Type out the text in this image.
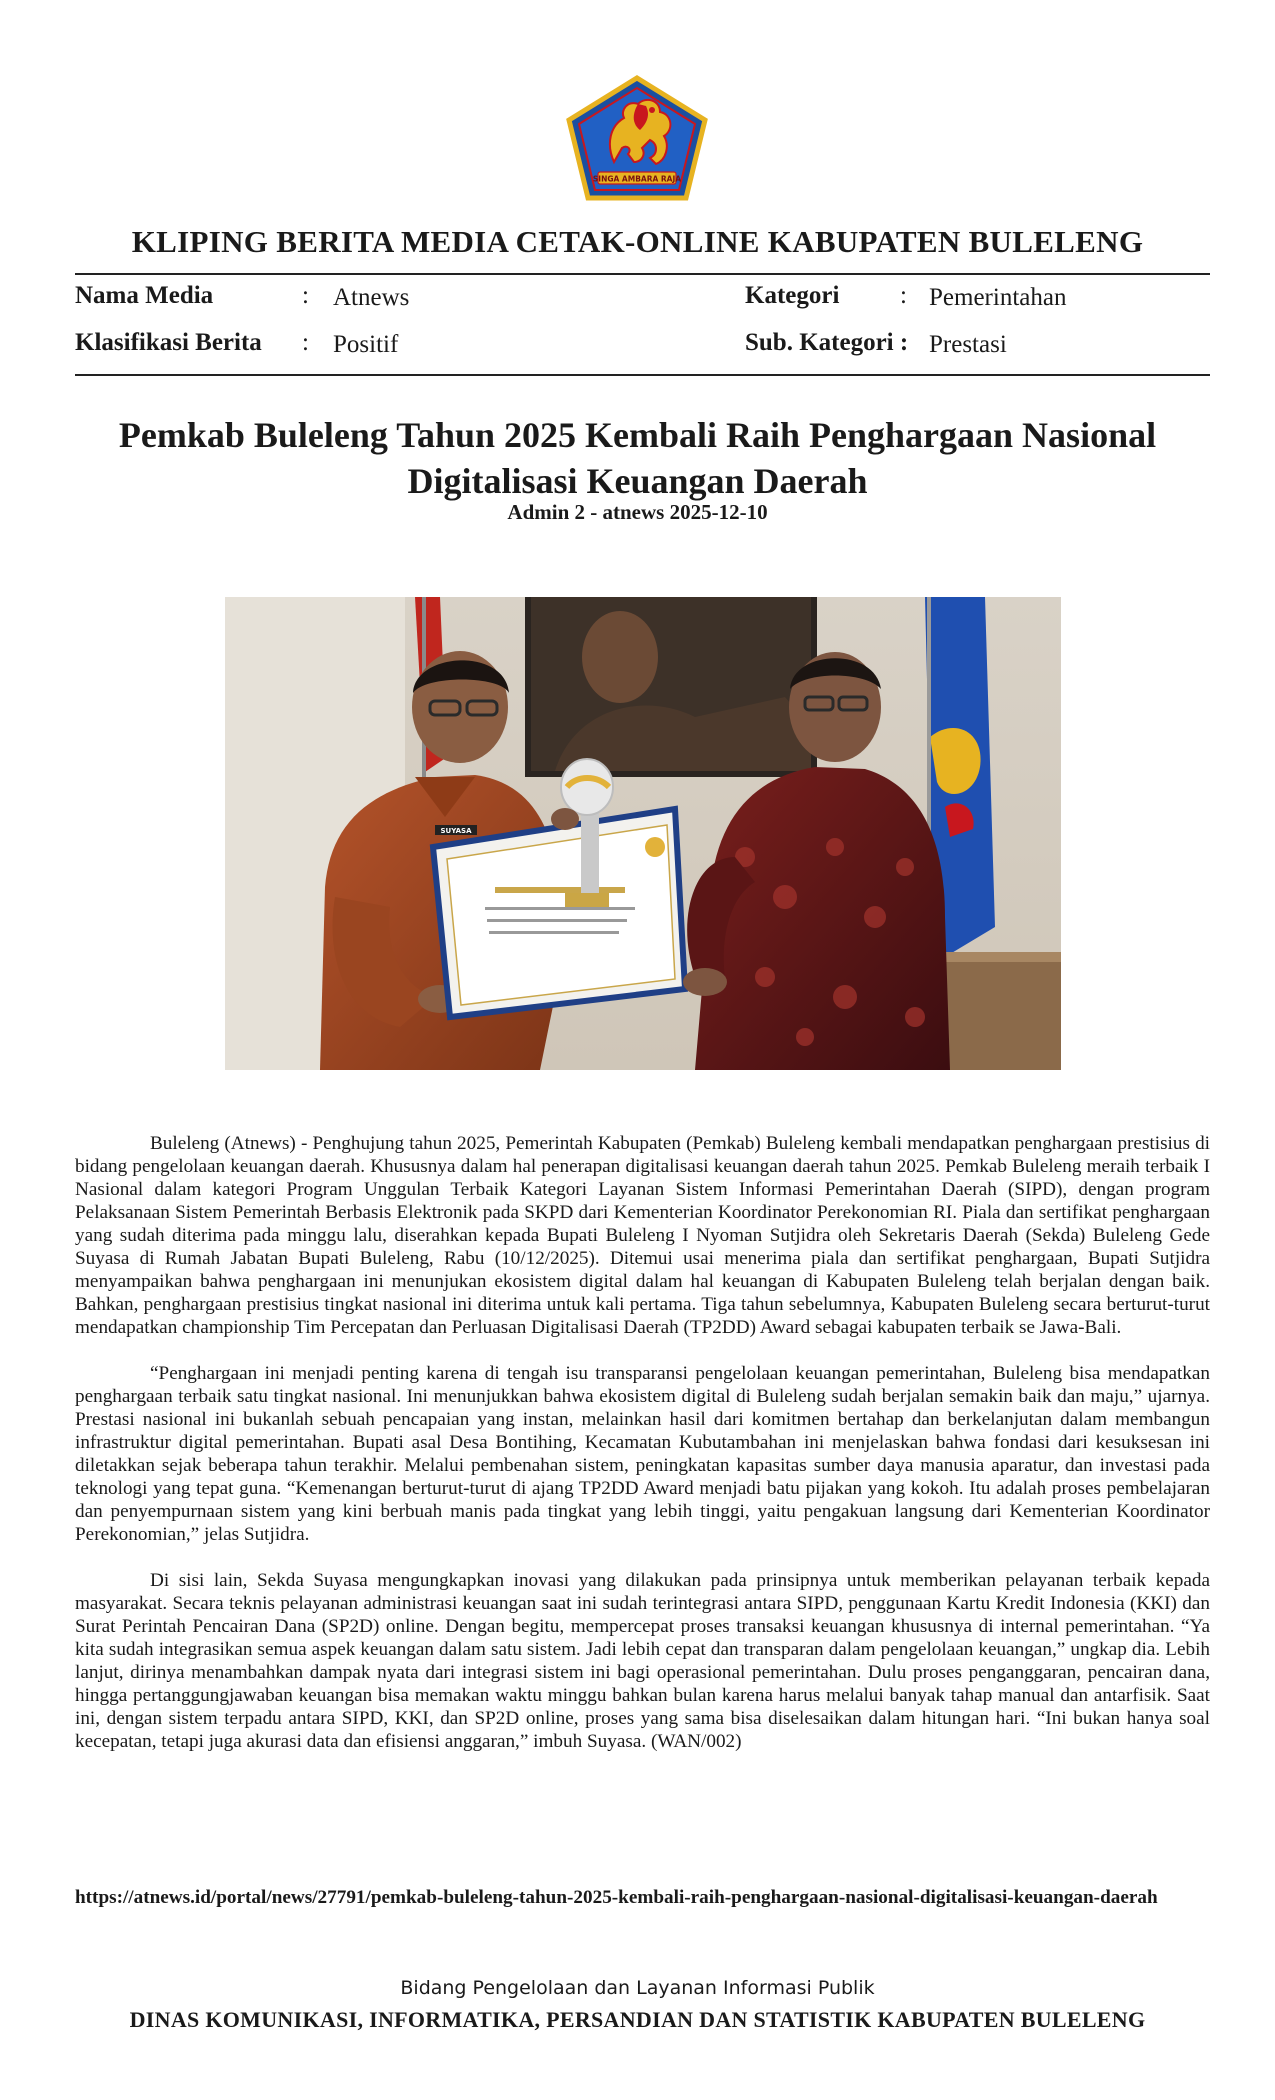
SINGA AMBARA RAJA
KLIPING BERITA MEDIA CETAK-ONLINE KABUPATEN BULELENG
Nama Media	: Atnews	Kategori : Pemerintahan
Klasifikasi Berita : Positif	Sub. Kategori : Prestasi
Pemkab Buleleng Tahun 2025 Kembali Raih Penghargaan Nasional
Digitalisasi Keuangan Daerah
Admin 2 - atnews 2025-12-10
SUYASA

Buleleng (Atnews) - Penghujung tahun 2025, Pemerintah Kabupaten (Pemkab) Buleleng kembali mendapatkan penghargaan prestisius di bidang pengelolaan keuangan daerah. Khususnya dalam hal penerapan digitalisasi keuangan daerah tahun 2025. Pemkab Buleleng meraih terbaik I Nasional dalam kategori Program Unggulan Terbaik Kategori Layanan Sistem Informasi Pemerintahan Daerah (SIPD), dengan program Pelaksanaan Sistem Pemerintah Berbasis Elektronik pada SKPD dari Kementerian Koordinator Perekonomian RI. Piala dan sertifikat penghargaan yang sudah diterima pada minggu lalu, diserahkan kepada Bupati Buleleng I Nyoman Sutjidra oleh Sekretaris Daerah (Sekda) Buleleng Gede Suyasa di Rumah Jabatan Bupati Buleleng, Rabu (10/12/2025). Ditemui usai menerima piala dan sertifikat penghargaan, Bupati Sutjidra menyampaikan bahwa penghargaan ini menunjukan ekosistem digital dalam hal keuangan di Kabupaten Buleleng telah berjalan dengan baik. Bahkan, penghargaan prestisius tingkat nasional ini diterima untuk kali pertama. Tiga tahun sebelumnya, Kabupaten Buleleng secara berturut-turut mendapatkan championship Tim Percepatan dan Perluasan Digitalisasi Daerah (TP2DD) Award sebagai kabupaten terbaik se Jawa-Bali.

“Penghargaan ini menjadi penting karena di tengah isu transparansi pengelolaan keuangan pemerintahan, Buleleng bisa mendapatkan penghargaan terbaik satu tingkat nasional. Ini menunjukkan bahwa ekosistem digital di Buleleng sudah berjalan semakin baik dan maju,” ujarnya. Prestasi nasional ini bukanlah sebuah pencapaian yang instan, melainkan hasil dari komitmen bertahap dan berkelanjutan dalam membangun infrastruktur digital pemerintahan. Bupati asal Desa Bontihing, Kecamatan Kubutambahan ini menjelaskan bahwa fondasi dari kesuksesan ini diletakkan sejak beberapa tahun terakhir. Melalui pembenahan sistem, peningkatan kapasitas sumber daya manusia aparatur, dan investasi pada teknologi yang tepat guna. “Kemenangan berturut-turut di ajang TP2DD Award menjadi batu pijakan yang kokoh. Itu adalah proses pembelajaran dan penyempurnaan sistem yang kini berbuah manis pada tingkat yang lebih tinggi, yaitu pengakuan langsung dari Kementerian Koordinator Perekonomian,” jelas Sutjidra.

Di sisi lain, Sekda Suyasa mengungkapkan inovasi yang dilakukan pada prinsipnya untuk memberikan pelayanan terbaik kepada masyarakat. Secara teknis pelayanan administrasi keuangan saat ini sudah terintegrasi antara SIPD, penggunaan Kartu Kredit Indonesia (KKI) dan Surat Perintah Pencairan Dana (SP2D) online. Dengan begitu, mempercepat proses transaksi keuangan khususnya di internal pemerintahan. “Ya kita sudah integrasikan semua aspek keuangan dalam satu sistem. Jadi lebih cepat dan transparan dalam pengelolaan keuangan,” ungkap dia. Lebih lanjut, dirinya menambahkan dampak nyata dari integrasi sistem ini bagi operasional pemerintahan. Dulu proses penganggaran, pencairan dana, hingga pertanggungjawaban keuangan bisa memakan waktu minggu bahkan bulan karena harus melalui banyak tahap manual dan antarfisik. Saat ini, dengan sistem terpadu antara SIPD, KKI, dan SP2D online, proses yang sama bisa diselesaikan dalam hitungan hari. “Ini bukan hanya soal kecepatan, tetapi juga akurasi data dan efisiensi anggaran,” imbuh Suyasa. (WAN/002)

https://atnews.id/portal/news/27791/pemkab-buleleng-tahun-2025-kembali-raih-penghargaan-nasional-digitalisasi-keuangan-daerah
Bidang Pengelolaan dan Layanan Informasi Publik
DINAS KOMUNIKASI, INFORMATIKA, PERSANDIAN DAN STATISTIK KABUPATEN BULELENG
